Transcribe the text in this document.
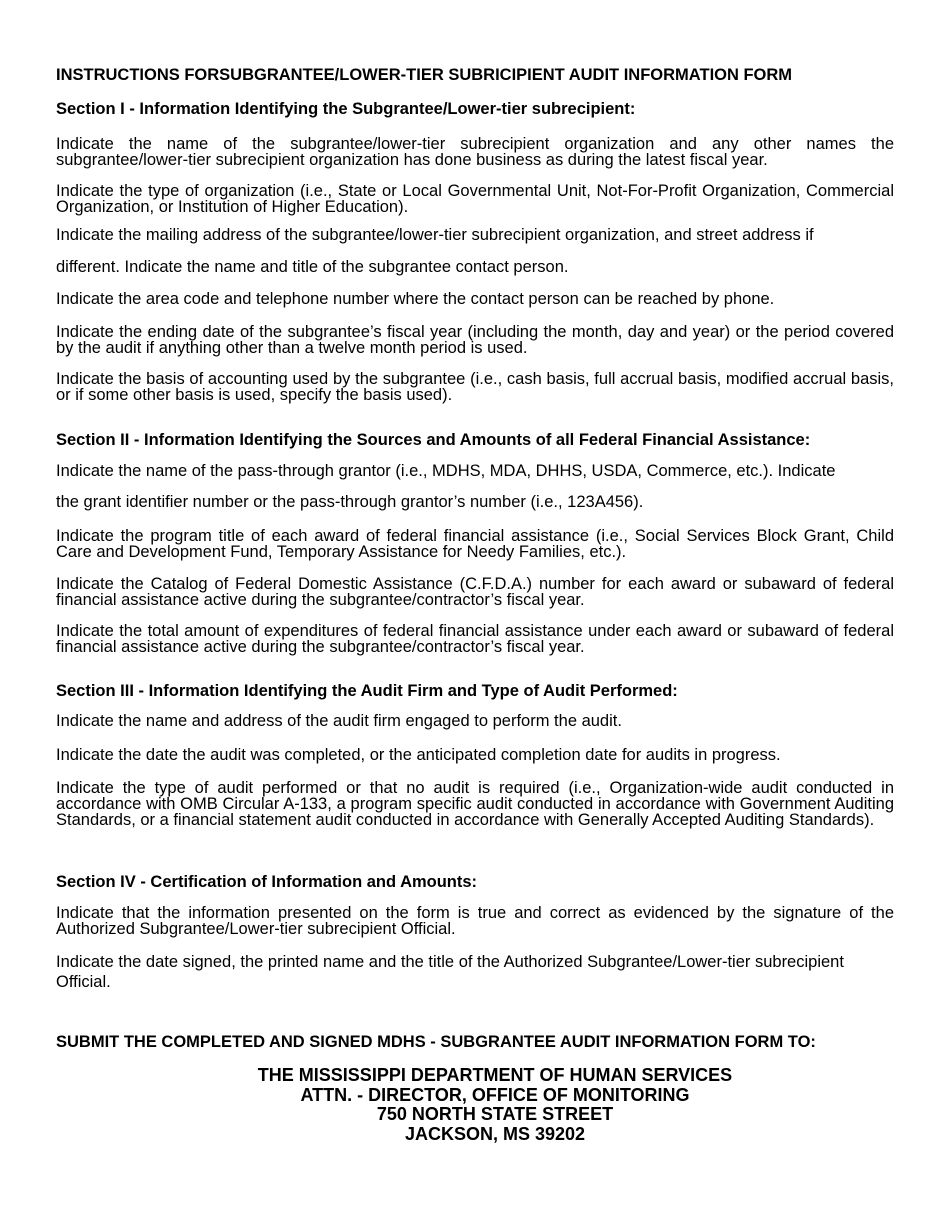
INSTRUCTIONS FORSUBGRANTEE/LOWER-TIER SUBRICIPIENT AUDIT INFORMATION FORM
Section I - Information Identifying the Subgrantee/Lower-tier subrecipient:

Indicate the name of the subgrantee/lower-tier subrecipient organization and any other names the subgrantee/lower-tier subrecipient organization has done business as during the latest fiscal year.

Indicate the type of organization (i.e., State or Local Governmental Unit, Not-For-Profit Organization, Commercial Organization, or Institution of Higher Education).

Indicate the mailing address of the subgrantee/lower-tier subrecipient organization, and street address if

different. Indicate the name and title of the subgrantee contact person.

Indicate the area code and telephone number where the contact person can be reached by phone.

Indicate the ending date of the subgrantee’s fiscal year (including the month, day and year) or the period covered by the audit if anything other than a twelve month period is used.

Indicate the basis of accounting used by the subgrantee (i.e., cash basis, full accrual basis, modified accrual basis, or if some other basis is used, specify the basis used).

Section II - Information Identifying the Sources and Amounts of all Federal Financial Assistance:

Indicate the name of the pass-through grantor (i.e., MDHS, MDA, DHHS, USDA, Commerce, etc.). Indicate

the grant identifier number or the pass-through grantor’s number (i.e., 123A456).

Indicate the program title of each award of federal financial assistance (i.e., Social Services Block Grant, Child Care and Development Fund, Temporary Assistance for Needy Families, etc.).

Indicate the Catalog of Federal Domestic Assistance (C.F.D.A.) number for each award or subaward of federal financial assistance active during the subgrantee/contractor’s fiscal year.

Indicate the total amount of expenditures of federal financial assistance under each award or subaward of federal financial assistance active during the subgrantee/contractor’s fiscal year.

Section III - Information Identifying the Audit Firm and Type of Audit Performed:

Indicate the name and address of the audit firm engaged to perform the audit.

Indicate the date the audit was completed, or the anticipated completion date for audits in progress.

Indicate the type of audit performed or that no audit is required (i.e., Organization-wide audit conducted in accordance with OMB Circular A-133, a program specific audit conducted in accordance with Government Auditing Standards, or a financial statement audit conducted in accordance with Generally Accepted Auditing Standards).

Section IV - Certification of Information and Amounts:

Indicate that the information presented on the form is true and correct as evidenced by the signature of the Authorized Subgrantee/Lower-tier subrecipient Official.

Indicate the date signed, the printed name and the title of the Authorized Subgrantee/Lower-tier subrecipient Official.

SUBMIT THE COMPLETED AND SIGNED MDHS - SUBGRANTEE AUDIT INFORMATION FORM TO:
THE MISSISSIPPI DEPARTMENT OF HUMAN SERVICES
ATTN. - DIRECTOR, OFFICE OF MONITORING
750 NORTH STATE STREET
JACKSON, MS 39202
